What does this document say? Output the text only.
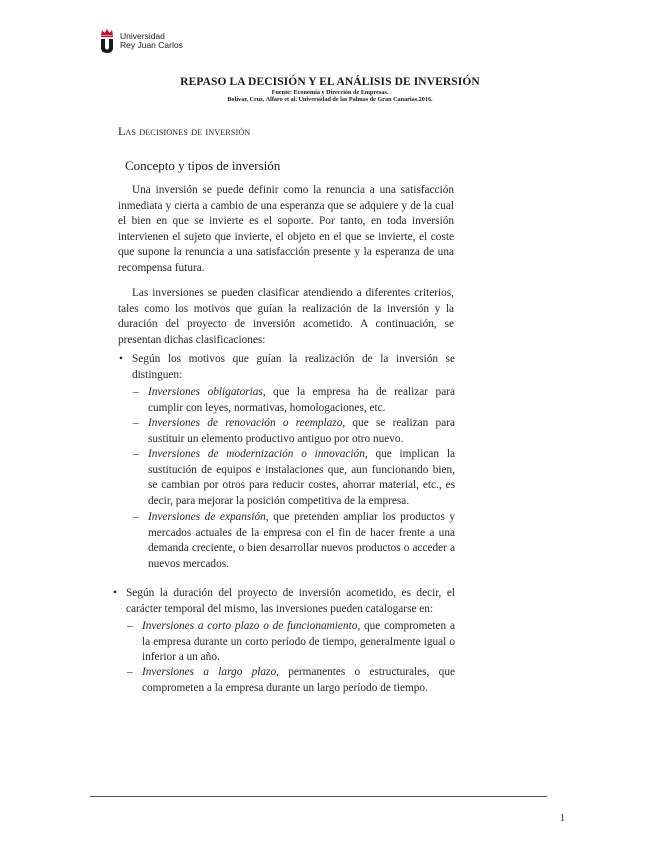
Universidad
Rey Juan Carlos
REPASO LA DECISIÓN Y EL ANÁLISIS DE INVERSIÓN
Fuente: Economía y Dirección de Empresas.
Bolívar, Cruz, Alfaro et al. Universidad de las Palmas de Gran Canarias.2016.
Las decisiones de inversión
Concepto y tipos de inversión
Una inversión se puede definir como la renuncia a una satisfacción inmediata y cierta a cambio de una esperanza que se adquiere y de la cual el bien en que se invierte es el soporte. Por tanto, en toda inversión intervienen el sujeto que invierte, el objeto en el que se invierte, el coste que supone la renuncia a una satisfacción presente y la esperanza de una recompensa futura.
Las inversiones se pueden clasificar atendiendo a diferentes criterios, tales como los motivos que guían la realización de la inversión y la duración del proyecto de inversión acometido. A continuación, se presentan dichas clasificaciones:
• Según los motivos que guían la realización de la inversión se distinguen:
– Inversiones obligatorias, que la empresa ha de realizar para cumplir con leyes, normativas, homologaciones, etc.
– Inversiones de renovación o reemplazo, que se realizan para sustituir un elemento productivo antiguo por otro nuevo.
– Inversiones de modernización o innovación, que implican la sustitución de equipos e instalaciones que, aun funcionando bien, se cambian por otros para reducir costes, ahorrar material, etc., es decir, para mejorar la posición competitiva de la empresa.
– Inversiones de expansión, que pretenden ampliar los productos y mercados actuales de la empresa con el fin de hacer frente a una demanda creciente, o bien desarrollar nuevos productos o acceder a nuevos mercados.
• Según la duración del proyecto de inversión acometido, es decir, el carácter temporal del mismo, las inversiones pueden catalogarse en:
– Inversiones a corto plazo o de funcionamiento, que comprometen a la empresa durante un corto período de tiempo, generalmente igual o inferior a un año.
– Inversiones a largo plazo, permanentes o estructurales, que comprometen a la empresa durante un largo período de tiempo.
1
